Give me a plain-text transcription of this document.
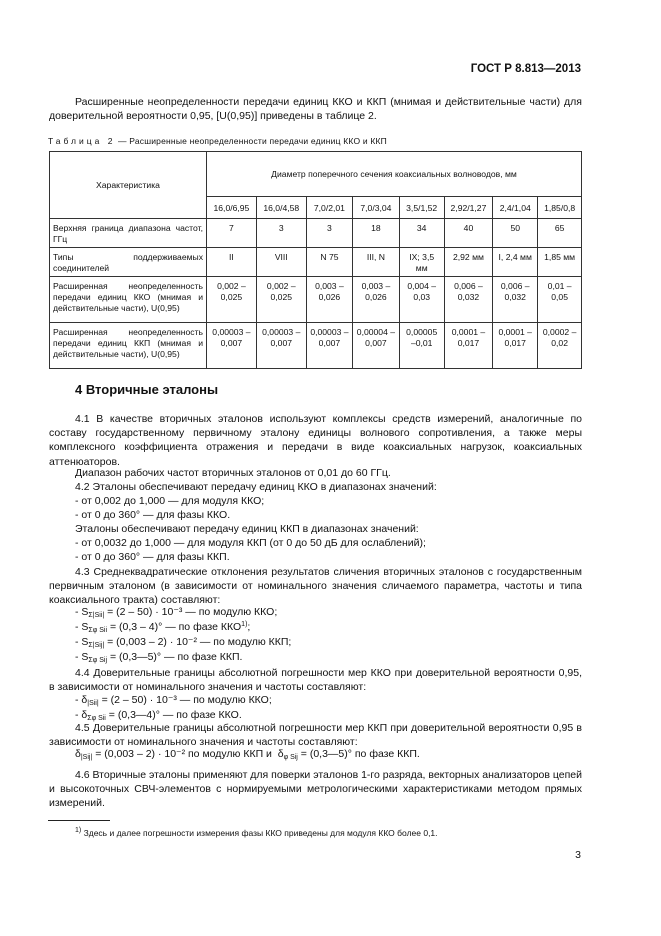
ГОСТ Р 8.813—2013
Расширенные неопределенности передачи единиц ККО и ККП (мнимая и действительные части) для доверительной вероятности 0,95, [U(0,95)] приведены в таблице 2.
Таблица 2 — Расширенные неопределенности передачи единиц ККО и ККП
Характеристика	Диаметр поперечного сечения коаксиальных волноводов, мм							
	16,0/6,95	16,0/4,58	7,0/2,01	7,0/3,04	3,5/1,52	2,92/1,27	2,4/1,04	1,85/0,8
Верхняя граница диапазона частот, ГГц	7	3	3	18	34	40	50	65
Типы поддерживаемых соединителей	II	VIII	N 75	III, N	IX; 3,5 мм	2,92 мм	I, 2,4 мм	1,85 мм
Расширенная неопределенность передачи единиц ККО (мнимая и действительные части), U(0,95)	0,002 –0,025	0,002 –0,025	0,003 –0,026	0,003 –0,026	0,004 –0,03	0,006 –0,032	0,006 –0,032	0,01 –0,05
Расширенная неопределенность передачи единиц ККП (мнимая и действительные части), U(0,95)	0,00003 –0,007	0,00003 –0,007	0,00003 –0,007	0,00004 –0,007	0,00005 –0,01	0,0001 –0,017	0,0001 –0,017	0,0002 –0,02
4 Вторичные эталоны
4.1 В качестве вторичных эталонов используют комплексы средств измерений, аналогичные по составу государственному первичному эталону единицы волнового сопротивления, а также меры комплексного коэффициента отражения и передачи в виде коаксиальных нагрузок, коаксиальных аттенюаторов.
Диапазон рабочих частот вторичных эталонов от 0,01 до 60 ГГц.
4.2 Эталоны обеспечивают передачу единиц ККО в диапазонах значений:
- от 0,002 до 1,000 — для модуля ККО;
- от 0 до 360° — для фазы ККО.
Эталоны обеспечивают передачу единиц ККП в диапазонах значений:
- от 0,0032 до 1,000 — для модуля ККП (от 0 до 50 дБ для ослаблений);
- от 0 до 360° — для фазы ККП.
4.3 Среднеквадратические отклонения результатов сличения вторичных эталонов с государственным первичным эталоном (в зависимости от номинального значения сличаемого параметра, частоты и типа коаксиального тракта) составляют:
- $S_{\Sigma|Sii|} = (2 - 50) \cdot 10^{-3}$ — по модулю ККО;
- $S_{\Sigma\varphi Sii} = (0,3 - 4)^\circ$ — по фазе ККО$^{1)}$;
- $S_{\Sigma|Sij|} = (0,003 - 2) \cdot 10^{-2}$ — по модулю ККП;
- $S_{\Sigma\varphi Sij}$ = (0,3—5)° — по фазе ККП.
4.4 Доверительные границы абсолютной погрешности мер ККО при доверительной вероятности 0,95, в зависимости от номинального значения и частоты составляют:
- $\delta_{|Sii|} = (2 - 50) \cdot 10^{-3}$ — по модулю ККО;
- $\delta_{\Sigma\varphi Sii}$ = (0,3—4)° — по фазе ККО.
4.5 Доверительные границы абсолютной погрешности мер ККП при доверительной вероятности 0,95 в зависимости от номинального значения и частоты составляют:
$\delta_{|Sij|} = (0,003 - 2) \cdot 10^{-2}$ по модулю ККП и  $\delta_{\varphi Sij}$ = (0,3—5)° по фазе ККП.
4.6 Вторичные эталоны применяют для поверки эталонов 1-го разряда, векторных анализаторов цепей и высокоточных СВЧ-элементов с нормируемыми метрологическими характеристиками методом прямых измерений.
$^{1)}$ Здесь и далее погрешности измерения фазы ККО приведены для модуля ККО более 0,1.
3
